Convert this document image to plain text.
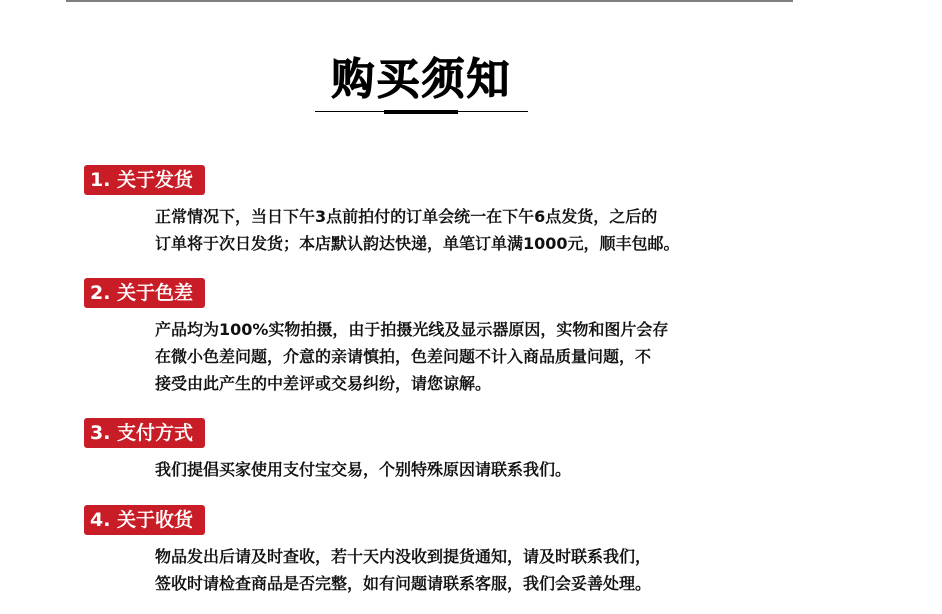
购买须知
1. 关于发货
正常情况下，当日下午3点前拍付的订单会统一在下午6点发货，之后的
订单将于次日发货；本店默认韵达快递，单笔订单满1000元，顺丰包邮。
2. 关于色差
产品均为100%实物拍摄，由于拍摄光线及显示器原因，实物和图片会存
在微小色差问题，介意的亲请慎拍，色差问题不计入商品质量问题，不
接受由此产生的中差评或交易纠纷，请您谅解。
3. 支付方式
我们提倡买家使用支付宝交易，个别特殊原因请联系我们。
4. 关于收货
物品发出后请及时查收，若十天内没收到提货通知，请及时联系我们，
签收时请检查商品是否完整，如有问题请联系客服，我们会妥善处理。
